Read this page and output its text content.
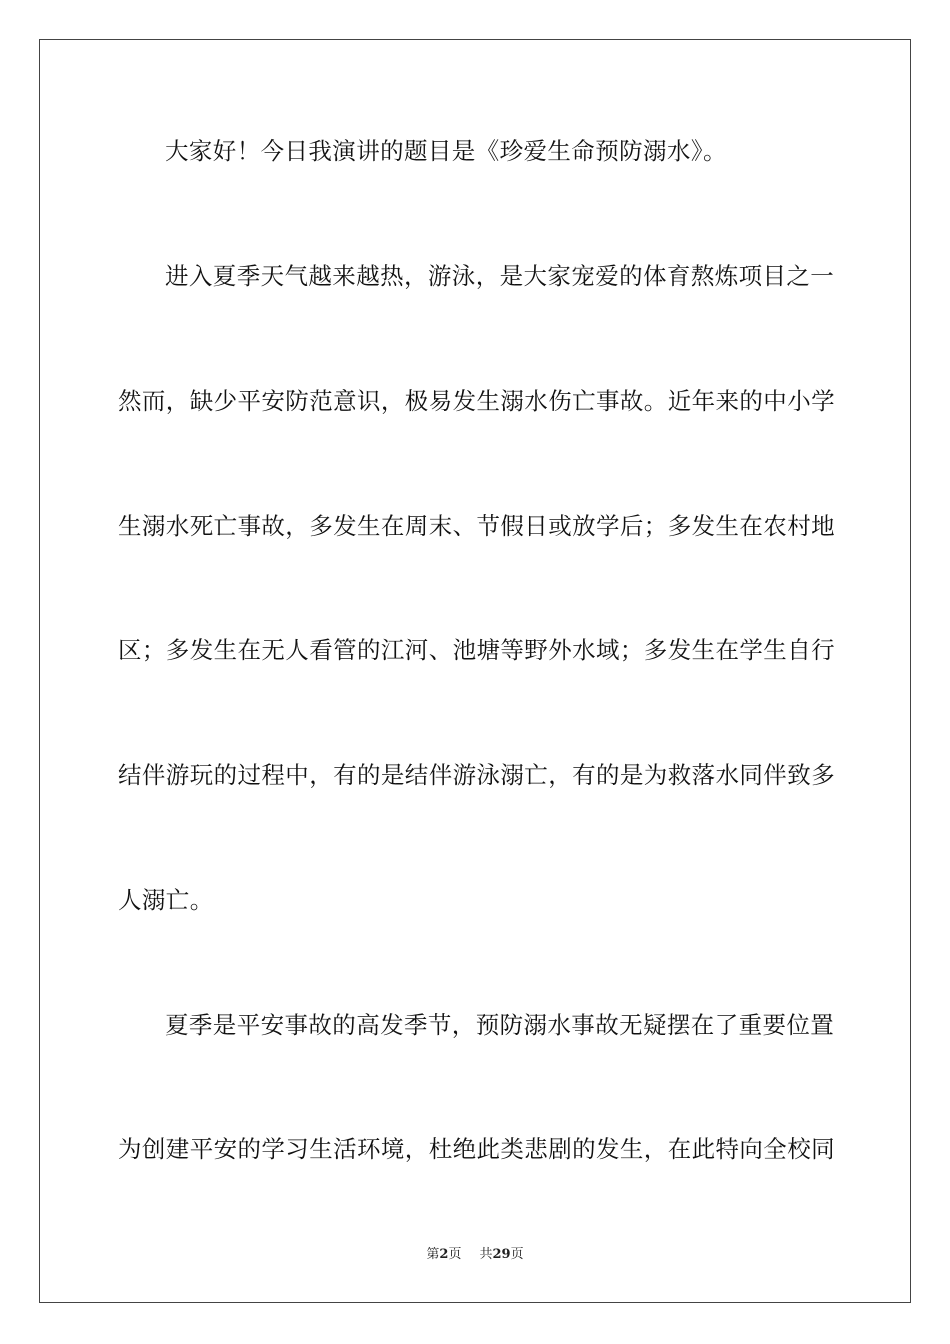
大家好！今日我演讲的题目是《珍爱生命预防溺水》。
进入夏季天气越来越热，游泳，是大家宠爱的体育熬炼项目之一
然而，缺少平安防范意识，极易发生溺水伤亡事故。近年来的中小学
生溺水死亡事故，多发生在周末、节假日或放学后；多发生在农村地
区；多发生在无人看管的江河、池塘等野外水域；多发生在学生自行
结伴游玩的过程中，有的是结伴游泳溺亡，有的是为救落水同伴致多
人溺亡。
夏季是平安事故的高发季节，预防溺水事故无疑摆在了重要位置
为创建平安的学习生活环境，杜绝此类悲剧的发生，在此特向全校同
第2页 共29页
